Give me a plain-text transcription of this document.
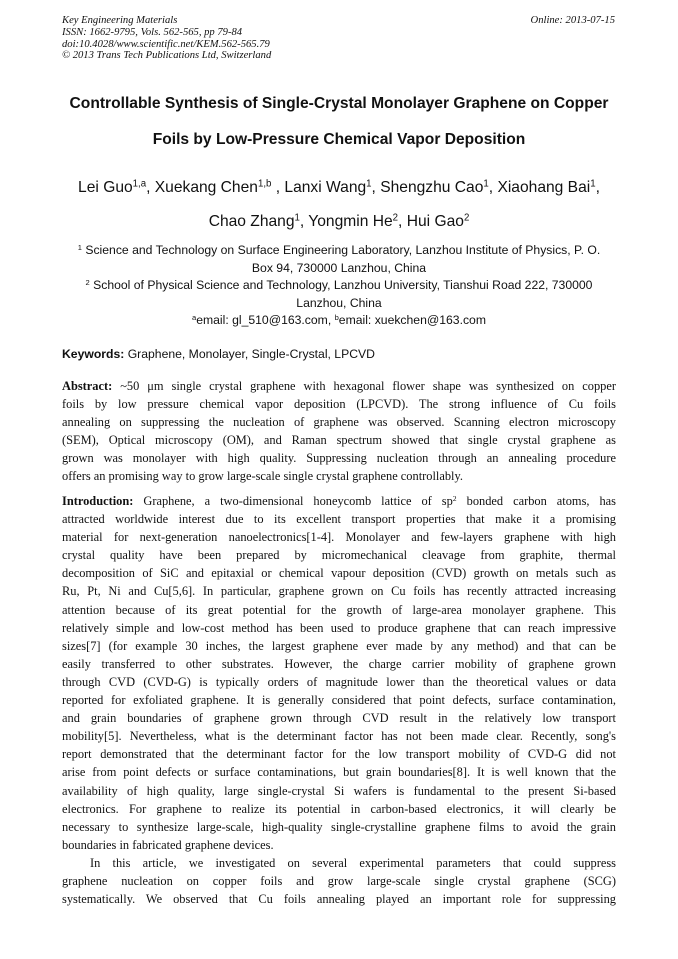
Key Engineering Materials
ISSN: 1662-9795, Vols. 562-565, pp 79-84
doi:10.4028/www.scientific.net/KEM.562-565.79
© 2013 Trans Tech Publications Ltd, Switzerland
Online: 2013-07-15
Controllable Synthesis of Single-Crystal Monolayer Graphene on Copper
Foils by Low-Pressure Chemical Vapor Deposition
Lei Guo$^{1,a}$, Xuekang Chen$^{1,b}$ , Lanxi Wang$^1$, Shengzhu Cao$^1$, Xiaohang Bai$^1$,
Chao Zhang$^1$, Yongmin He$^2$, Hui Gao$^2$
$^1$ Science and Technology on Surface Engineering Laboratory, Lanzhou Institute of Physics, P. O.
Box 94, 730000 Lanzhou, China
$^2$ School of Physical Science and Technology, Lanzhou University, Tianshui Road 222, 730000
Lanzhou, China
$^a$email: gl_510@163.com, $^b$email: xuekchen@163.com
Keywords: Graphene, Monolayer, Single-Crystal, LPCVD
Abstract: ~50 μm single crystal graphene with hexagonal flower shape was synthesized on copper
foils by low pressure chemical vapor deposition (LPCVD). The strong influence of Cu foils
annealing on suppressing the nucleation of graphene was observed. Scanning electron microscopy
(SEM), Optical microscopy (OM), and Raman spectrum showed that single crystal graphene as
grown was monolayer with high quality. Suppressing nucleation through an annealing procedure
offers an promising way to grow large-scale single crystal graphene controllably.
Introduction: Graphene, a two-dimensional honeycomb lattice of $sp^2$ bonded carbon atoms, has
attracted worldwide interest due to its excellent transport properties that make it a promising
material for next-generation nanoelectronics[1-4]. Monolayer and few-layers graphene with high
crystal quality have been prepared by micromechanical cleavage from graphite, thermal
decomposition of SiC and epitaxial or chemical vapour deposition (CVD) growth on metals such as
Ru, Pt, Ni and Cu[5,6]. In particular, graphene grown on Cu foils has recently attracted increasing
attention because of its great potential for the growth of large-area monolayer graphene. This
relatively simple and low-cost method has been used to produce graphene that can reach impressive
sizes[7] (for example 30 inches, the largest graphene ever made by any method) and that can be
easily transferred to other substrates. However, the charge carrier mobility of graphene grown
through CVD (CVD-G) is typically orders of magnitude lower than the theoretical values or data
reported for exfoliated graphene. It is generally considered that point defects, surface contamination,
and grain boundaries of graphene grown through CVD result in the relatively low transport
mobility[5]. Nevertheless, what is the determinant factor has not been made clear. Recently, song's
report demonstrated that the determinant factor for the low transport mobility of CVD-G did not
arise from point defects or surface contaminations, but grain boundaries[8]. It is well known that the
availability of high quality, large single-crystal Si wafers is fundamental to the present Si-based
electronics. For graphene to realize its potential in carbon-based electronics, it will clearly be
necessary to synthesize large-scale, high-quality single-crystalline graphene films to avoid the grain
boundaries in fabricated graphene devices.
In this article, we investigated on several experimental parameters that could suppress
graphene nucleation on copper foils and grow large-scale single crystal graphene (SCG)
systematically. We observed that Cu foils annealing played an important role for suppressing
